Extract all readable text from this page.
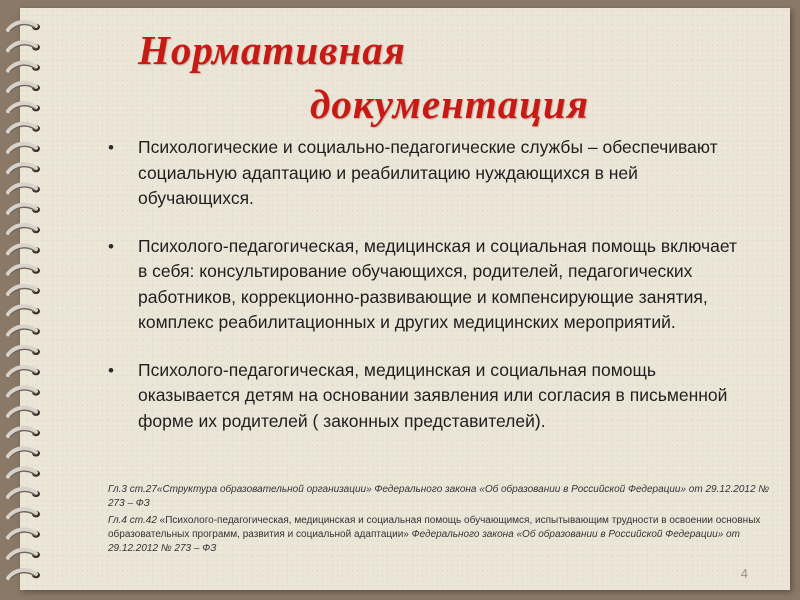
Нормативная
документация
• Психологические и социально-педагогические службы – обеспечивают социальную адаптацию и реабилитацию нуждающихся в ней обучающихся.
• Психолого-педагогическая, медицинская и социальная помощь включает в себя: консультирование обучающихся, родителей, педагогических работников, коррекционно-развивающие и компенсирующие занятия, комплекс реабилитационных и других медицинских мероприятий.
• Психолого-педагогическая, медицинская и социальная помощь оказывается детям на основании заявления или согласия в письменной форме их родителей ( законных представителей).
Гл.3 ст.27«Структура образовательной организации» Федерального закона «Об образовании в Российской Федерации» от 29.12.2012 № 273 – ФЗ
Гл.4 ст.42 «Психолого-педагогическая, медицинская и социальная помощь обучающимся, испытывающим трудности в освоении основных образовательных программ, развития и социальной адаптации» Федерального закона «Об образовании в Российской Федерации» от 29.12.2012 № 273 – ФЗ
4
